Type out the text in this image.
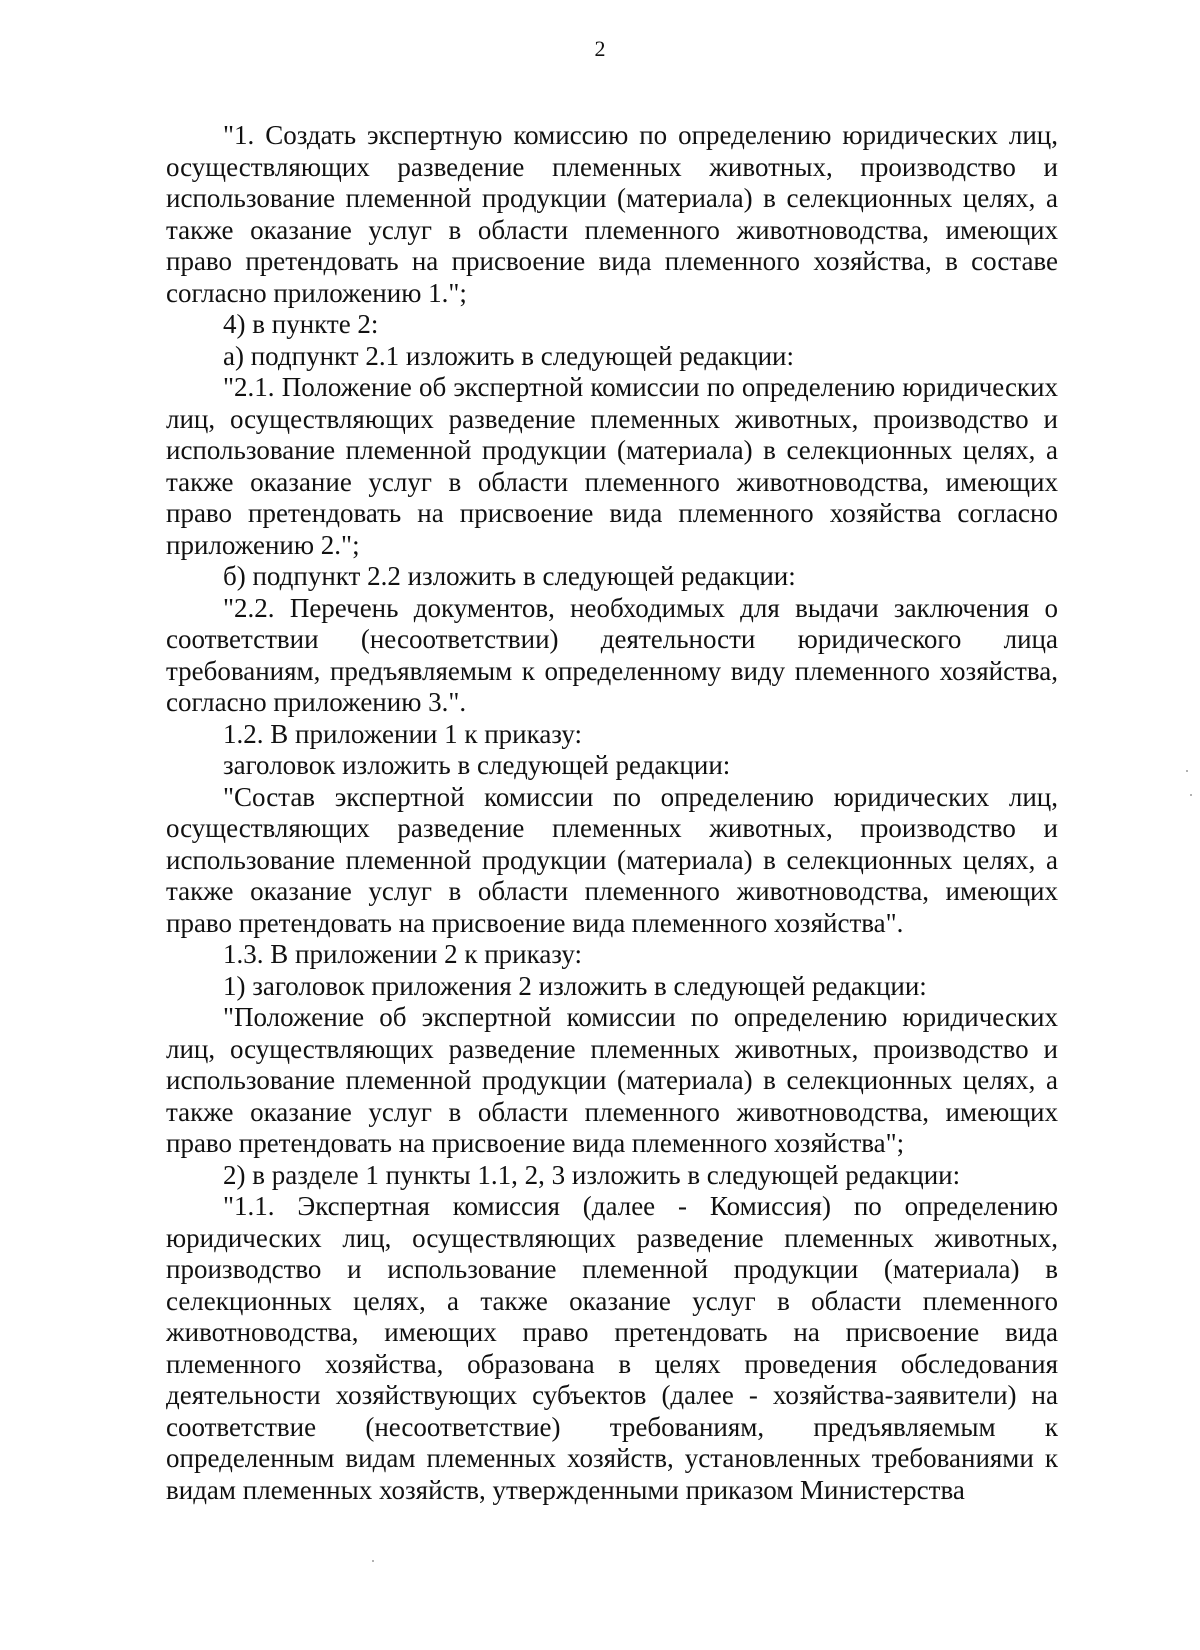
2

"1. Создать экспертную комиссию по определению юридических лиц, осуществляющих разведение племенных животных, производство и использование племенной продукции (материала) в селекционных целях, а также оказание услуг в области племенного животноводства, имеющих право претендовать на присвоение вида племенного хозяйства, в составе согласно приложению 1.";

4) в пункте 2:

а) подпункт 2.1 изложить в следующей редакции:

"2.1. Положение об экспертной комиссии по определению юридических лиц, осуществляющих разведение племенных животных, производство и использование племенной продукции (материала) в селекционных целях, а также оказание услуг в области племенного животноводства, имеющих право претендовать на присвоение вида племенного хозяйства согласно приложению 2.";

б) подпункт 2.2 изложить в следующей редакции:

"2.2. Перечень документов, необходимых для выдачи заключения о соответствии (несоответствии) деятельности юридического лица требованиям, предъявляемым к определенному виду племенного хозяйства, согласно приложению 3.".

1.2. В приложении 1 к приказу:

заголовок изложить в следующей редакции:

"Состав экспертной комиссии по определению юридических лиц, осуществляющих разведение племенных животных, производство и использование племенной продукции (материала) в селекционных целях, а также оказание услуг в области племенного животноводства, имеющих право претендовать на присвоение вида племенного хозяйства".

1.3. В приложении 2 к приказу:

1) заголовок приложения 2 изложить в следующей редакции:

"Положение об экспертной комиссии по определению юридических лиц, осуществляющих разведение племенных животных, производство и использование племенной продукции (материала) в селекционных целях, а также оказание услуг в области племенного животноводства, имеющих право претендовать на присвоение вида племенного хозяйства";

2) в разделе 1 пункты 1.1, 2, 3 изложить в следующей редакции:

"1.1. Экспертная комиссия (далее - Комиссия) по определению юридических лиц, осуществляющих разведение племенных животных, производство и использование племенной продукции (материала) в селекционных целях, а также оказание услуг в области племенного животноводства, имеющих право претендовать на присвоение вида племенного хозяйства, образована в целях проведения обследования деятельности хозяйствующих субъектов (далее - хозяйства-заявители) на соответствие (несоответствие) требованиям, предъявляемым к определенным видам племенных хозяйств, установленных требованиями к видам племенных хозяйств, утвержденными приказом Министерства
